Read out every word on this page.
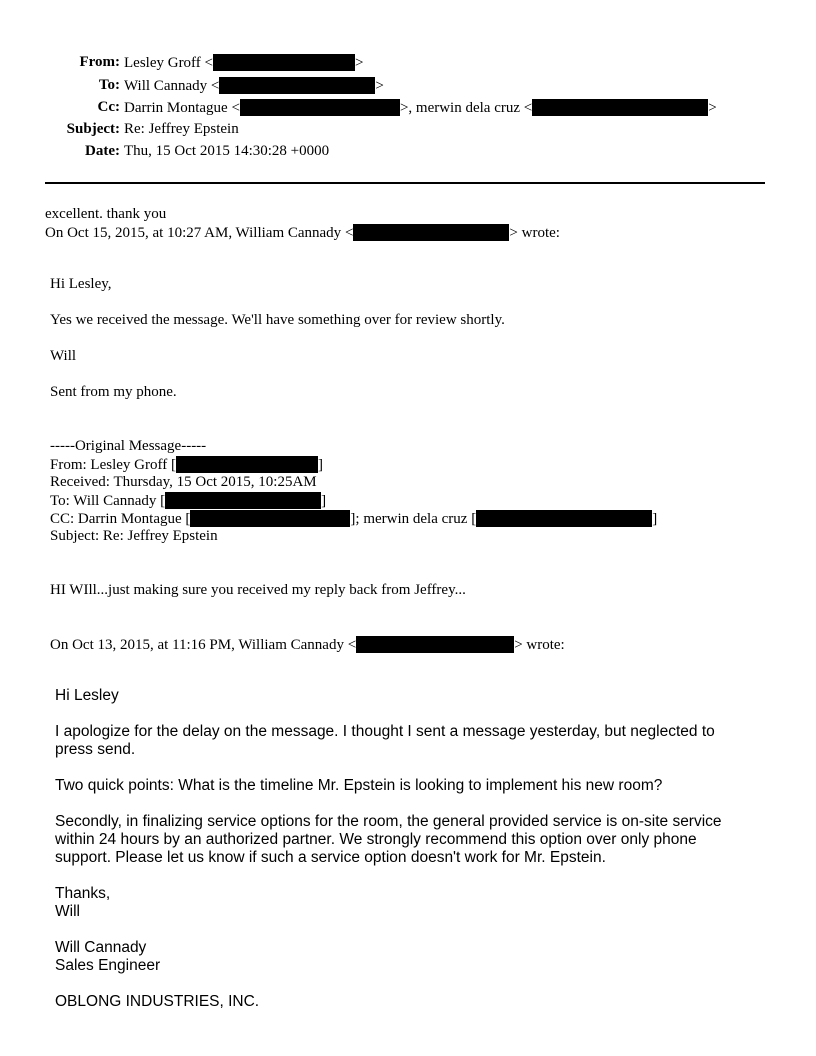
From: Lesley Groff <	>
To: Will Cannady <	>
Cc: Darrin Montague <	>, merwin dela cruz <	>
Subject: Re: Jeffrey Epstein
Date: Thu, 15 Oct 2015 14:30:28 +0000
excellent. thank you
On Oct 15, 2015, at 10:27 AM, William Cannady <	> wrote:
Hi Lesley,
Yes we received the message. We'll have something over for review shortly.
Will
Sent from my phone.
-----Original Message-----
From: Lesley Groff [	]
Received: Thursday, 15 Oct 2015, 10:25AM
To: Will Cannady [	]
CC: Darrin Montague [	]; merwin dela cruz [	]
Subject: Re: Jeffrey Epstein
HI WIll...just making sure you received my reply back from Jeffrey...
On Oct 13, 2015, at 11:16 PM, William Cannady <	> wrote:
Hi Lesley
I apologize for the delay on the message. I thought I sent a message yesterday, but neglected to press send.
Two quick points: What is the timeline Mr. Epstein is looking to implement his new room?
Secondly, in finalizing service options for the room, the general provided service is on-site service within 24 hours by an authorized partner. We strongly recommend this option over only phone support. Please let us know if such a service option doesn't work for Mr. Epstein.
Thanks,
Will
Will Cannady
Sales Engineer
OBLONG INDUSTRIES, INC.
